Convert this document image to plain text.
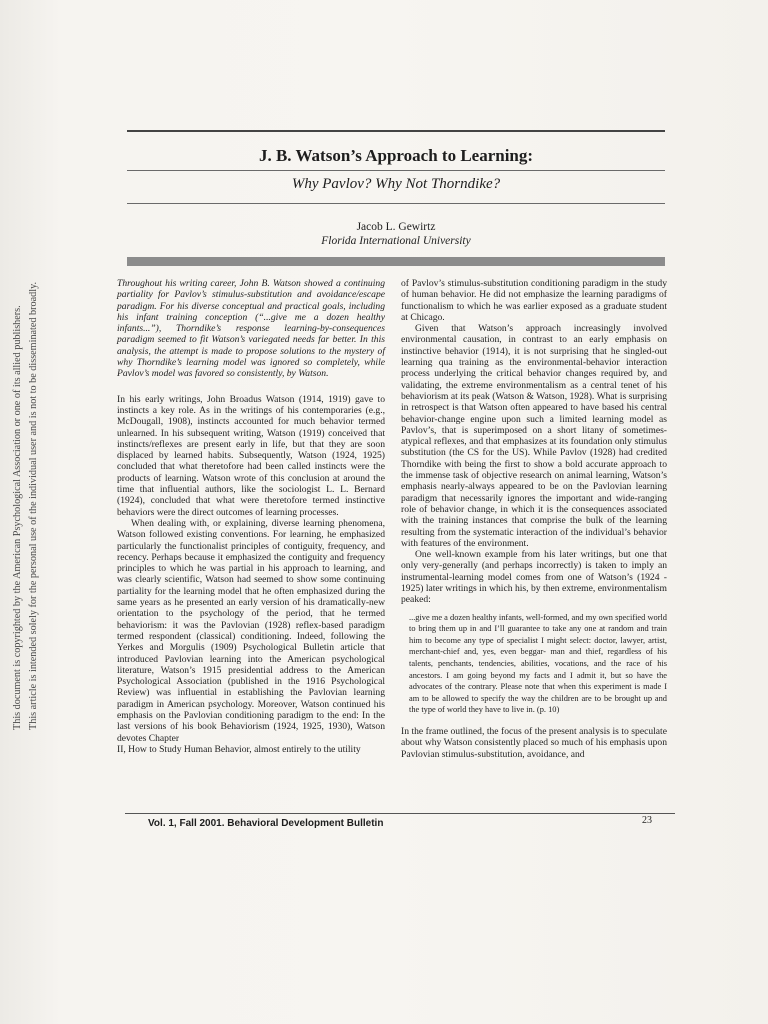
This document is copyrighted by the American Psychological Association or one of its allied publishers. This article is intended solely for the personal use of the individual user and is not to be disseminated broadly.
J. B. Watson’s Approach to Learning:
Why Pavlov? Why Not Thorndike?
Jacob L. Gewirtz
Florida International University

Throughout his writing career, John B. Watson showed a continuing partiality for Pavlov’s stimulus-substitution and avoidance/escape paradigm. For his diverse conceptual and practical goals, including his infant training conception (“...give me a dozen healthy infants...”), Thorndike’s response learning-by-consequences paradigm seemed to fit Watson’s variegated needs far better. In this analysis, the attempt is made to propose solutions to the mystery of why Thorndike’s learning model was ignored so completely, while Pavlov’s model was favored so consistently, by Watson.

In his early writings, John Broadus Watson (1914, 1919) gave to instincts a key role. As in the writings of his contemporaries (e.g., McDougall, 1908), instincts accounted for much behavior termed unlearned. In his subsequent writing, Watson (1919) conceived that instincts/reflexes are present early in life, but that they are soon displaced by learned habits. Subsequently, Watson (1924, 1925) concluded that what theretofore had been called instincts were the products of learning. Watson wrote of this conclusion at around the time that influential authors, like the sociologist L. L. Bernard (1924), concluded that what were theretofore termed instinctive behaviors were the direct outcomes of learning processes.

When dealing with, or explaining, diverse learning phenomena, Watson followed existing conventions. For learning, he emphasized particularly the functionalist principles of contiguity, frequency, and recency. Perhaps because it emphasized the contiguity and frequency principles to which he was partial in his approach to learning, and was clearly scientific, Watson had seemed to show some continuing partiality for the learning model that he often emphasized during the same years as he presented an early version of his dramatically-new orientation to the psychology of the period, that he termed behaviorism: it was the Pavlovian (1928) reflex-based paradigm termed respondent (classical) conditioning. Indeed, following the Yerkes and Morgulis (1909) Psychological Bulletin article that introduced Pavlovian learning into the American psychological literature, Watson’s 1915 presidential address to the American Psychological Association (published in the 1916 Psychological Review) was influential in establishing the Pavlovian learning paradigm in American psychology. Moreover, Watson continued his emphasis on the Pavlovian conditioning paradigm to the end: In the last versions of his book Behaviorism (1924, 1925, 1930), Watson devotes Chapter

II, How to Study Human Behavior, almost entirely to the utility

of Pavlov’s stimulus-substitution conditioning paradigm in the study of human behavior. He did not emphasize the learning paradigms of functionalism to which he was earlier exposed as a graduate student at Chicago.

Given that Watson’s approach increasingly involved environmental causation, in contrast to an early emphasis on instinctive behavior (1914), it is not surprising that he singled-out learning qua training as the environmental-behavior interaction process underlying the critical behavior changes required by, and validating, the extreme environmentalism as a central tenet of his behaviorism at its peak (Watson & Watson, 1928). What is surprising in retrospect is that Watson often appeared to have based his central behavior-change engine upon such a limited learning model as Pavlov’s, that is superimposed on a short litany of sometimes-atypical reflexes, and that emphasizes at its foundation only stimulus substitution (the CS for the US). While Pavlov (1928) had credited Thorndike with being the first to show a bold accurate approach to the immense task of objective research on animal learning, Watson’s emphasis nearly-always appeared to be on the Pavlovian learning paradigm that necessarily ignores the important and wide-ranging role of behavior change, in which it is the consequences associated with the training instances that comprise the bulk of the learning resulting from the systematic interaction of the individual’s behavior with features of the environment.

One well-known example from his later writings, but one that only very-generally (and perhaps incorrectly) is taken to imply an instrumental-learning model comes from one of Watson’s (1924 - 1925) later writings in which his, by then extreme, environmentalism peaked:

...give me a dozen healthy infants, well-formed, and my own specified world to bring them up in and I’ll guarantee to take any one at random and train him to become any type of specialist I might select: doctor, lawyer, artist, merchant-chief and, yes, even beggar- man and thief, regardless of his talents, penchants, tendencies, abilities, vocations, and the race of his ancestors. I am going beyond my facts and I admit it, but so have the advocates of the contrary. Please note that when this experiment is made I am to be allowed to specify the way the children are to be brought up and the type of world they have to live in. (p. 10)

In the frame outlined, the focus of the present analysis is to speculate about why Watson consistently placed so much of his emphasis upon Pavlovian stimulus-substitution, avoidance, and

Vol. 1, Fall 2001. Behavioral Development Bulletin	23
